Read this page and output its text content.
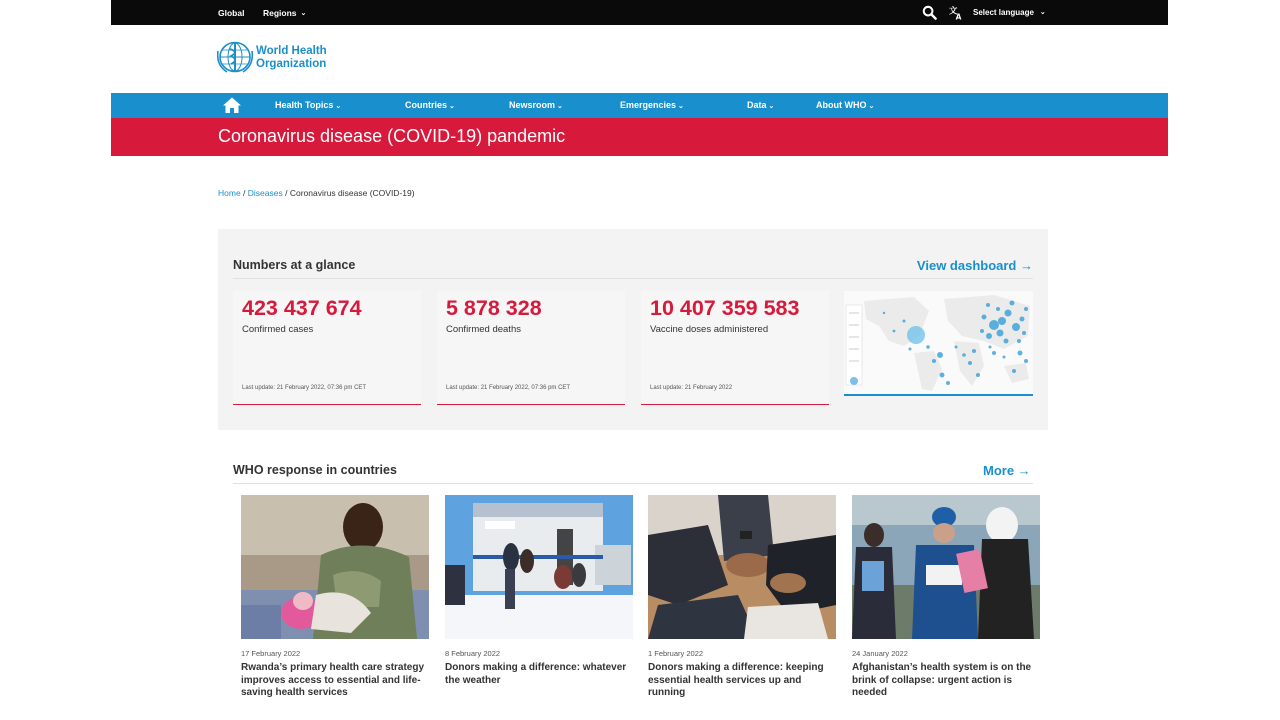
Global Regions ⌄	文
A
Select language ⌄
World Health
Organization
Health Topics ⌄	Countries ⌄	Newsroom ⌄	Emergencies ⌄	Data ⌄	About WHO ⌄
Coronavirus disease (COVID-19) pandemic
Home / Diseases / Coronavirus disease (COVID-19)
Numbers at a glance	View dashboard →
423 437 674
Confirmed cases
Last update: 21 February 2022, 07:36 pm CET
5 878 328
Confirmed deaths
Last update: 21 February 2022, 07:36 pm CET
10 407 359 583
Vaccine doses administered
Last update: 21 February 2022
WHO response in countries	More →
17 February 2022
Rwanda’s primary health care strategy improves access to essential and life-saving health services
8 February 2022
Donors making a difference: whatever the weather
1 February 2022
Donors making a difference: keeping essential health services up and running
24 January 2022
Afghanistan’s health system is on the brink of collapse: urgent action is needed
